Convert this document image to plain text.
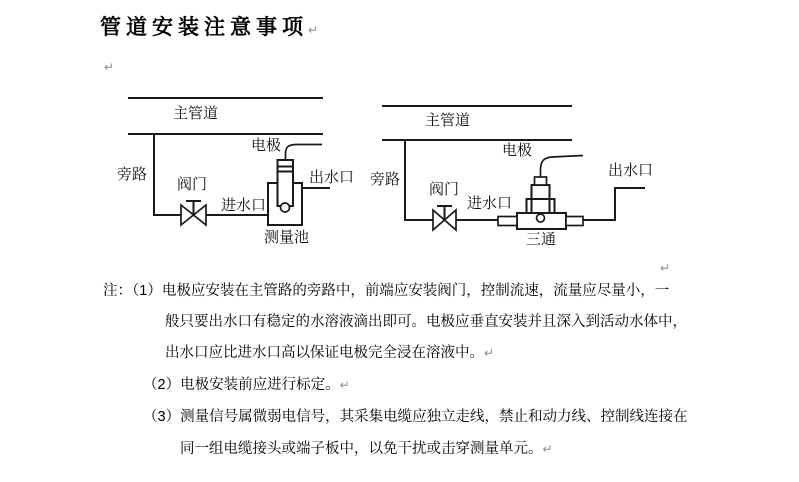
管道安装注意事项↵
↵
↵
主管道
旁路
阀门
进水口
出水口
电极
测量池
主管道
旁路
阀门
进水口
电极
出水口
三通
注：（1）电极应安装在主管路的旁路中，前端应安装阀门，控制流速，流量应尽量小，一
般只要出水口有稳定的水溶液滴出即可。电极应垂直安装并且深入到活动水体中，
出水口应比进水口高以保证电极完全浸在溶液中。↵
（2）电极安装前应进行标定。↵
（3）测量信号属微弱电信号，其采集电缆应独立走线，禁止和动力线、控制线连接在
同一组电缆接头或端子板中，以免干扰或击穿测量单元。↵
